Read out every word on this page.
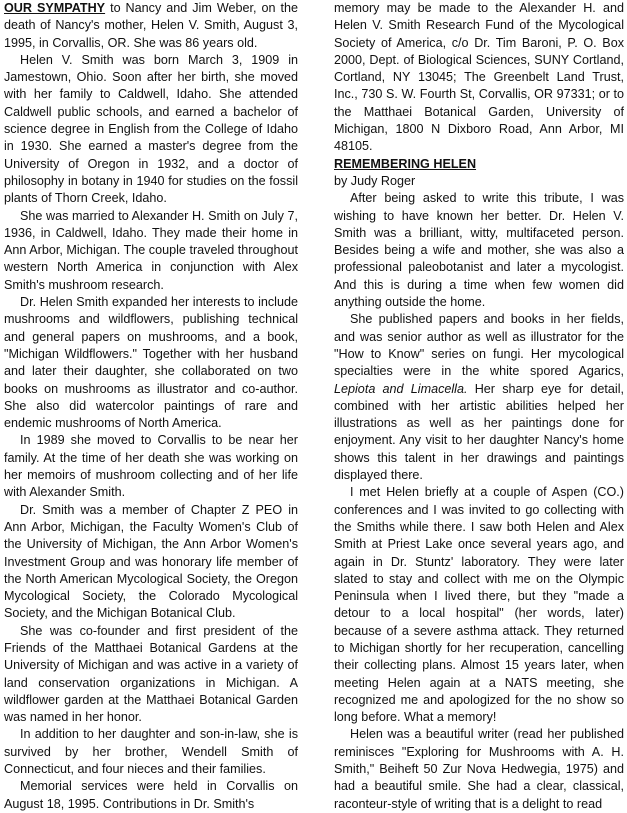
OUR SYMPATHY to Nancy and Jim Weber, on the death of Nancy's mother, Helen V. Smith, August 3, 1995, in Corvallis, OR. She was 86 years old.

Helen V. Smith was born March 3, 1909 in Jamestown, Ohio. Soon after her birth, she moved with her family to Caldwell, Idaho. She attended Caldwell public schools, and earned a bachelor of science degree in English from the College of Idaho in 1930. She earned a master's degree from the University of Oregon in 1932, and a doctor of philosophy in botany in 1940 for studies on the fossil plants of Thorn Creek, Idaho.

She was married to Alexander H. Smith on July 7, 1936, in Caldwell, Idaho. They made their home in Ann Arbor, Michigan. The couple traveled throughout western North America in conjunction with Alex Smith's mushroom research.

Dr. Helen Smith expanded her interests to include mushrooms and wildflowers, publishing technical and general papers on mushrooms, and a book, "Michigan Wildflowers." Together with her husband and later their daughter, she collaborated on two books on mushrooms as illustrator and co-author. She also did watercolor paintings of rare and endemic mushrooms of North America.

In 1989 she moved to Corvallis to be near her family. At the time of her death she was working on her memoirs of mushroom collecting and of her life with Alexander Smith.

Dr. Smith was a member of Chapter Z PEO in Ann Arbor, Michigan, the Faculty Women's Club of the University of Michigan, the Ann Arbor Women's Investment Group and was honorary life member of the North American Mycological Society, the Oregon Mycological Society, the Colorado Mycological Society, and the Michigan Botanical Club.

She was co-founder and first president of the Friends of the Matthaei Botanical Gardens at the University of Michigan and was active in a variety of land conservation organizations in Michigan. A wildflower garden at the Matthaei Botanical Garden was named in her honor.

In addition to her daughter and son-in-law, she is survived by her brother, Wendell Smith of Connecticut, and four nieces and their families.

Memorial services were held in Corvallis on August 18, 1995. Contributions in Dr. Smith's

memory may be made to the Alexander H. and Helen V. Smith Research Fund of the Mycological Society of America, c/o Dr. Tim Baroni, P. O. Box 2000, Dept. of Biological Sciences, SUNY Cortland, Cortland, NY 13045; The Greenbelt Land Trust, Inc., 730 S. W. Fourth St, Corvallis, OR 97331; or to the Matthaei Botanical Garden, University of Michigan, 1800 N Dixboro Road, Ann Arbor, MI 48105.

REMEMBERING HELEN

by Judy Roger

After being asked to write this tribute, I was wishing to have known her better. Dr. Helen V. Smith was a brilliant, witty, multifaceted person. Besides being a wife and mother, she was also a professional paleobotanist and later a mycologist. And this is during a time when few women did anything outside the home.

She published papers and books in her fields, and was senior author as well as illustrator for the "How to Know" series on fungi. Her mycological specialties were in the white spored Agarics, Lepiota and Limacella. Her sharp eye for detail, combined with her artistic abilities helped her illustrations as well as her paintings done for enjoyment. Any visit to her daughter Nancy's home shows this talent in her drawings and paintings displayed there.

I met Helen briefly at a couple of Aspen (CO.) conferences and I was invited to go collecting with the Smiths while there. I saw both Helen and Alex Smith at Priest Lake once several years ago, and again in Dr. Stuntz' laboratory. They were later slated to stay and collect with me on the Olympic Peninsula when I lived there, but they "made a detour to a local hospital" (her words, later) because of a severe asthma attack. They returned to Michigan shortly for her recuperation, cancelling their collecting plans. Almost 15 years later, when meeting Helen again at a NATS meeting, she recognized me and apologized for the no show so long before. What a memory!

Helen was a beautiful writer (read her published reminisces "Exploring for Mushrooms with A. H. Smith," Beiheft 50 Zur Nova Hedwegia, 1975) and had a beautiful smile. She had a clear, classical, raconteur-style of writing that is a delight to read
